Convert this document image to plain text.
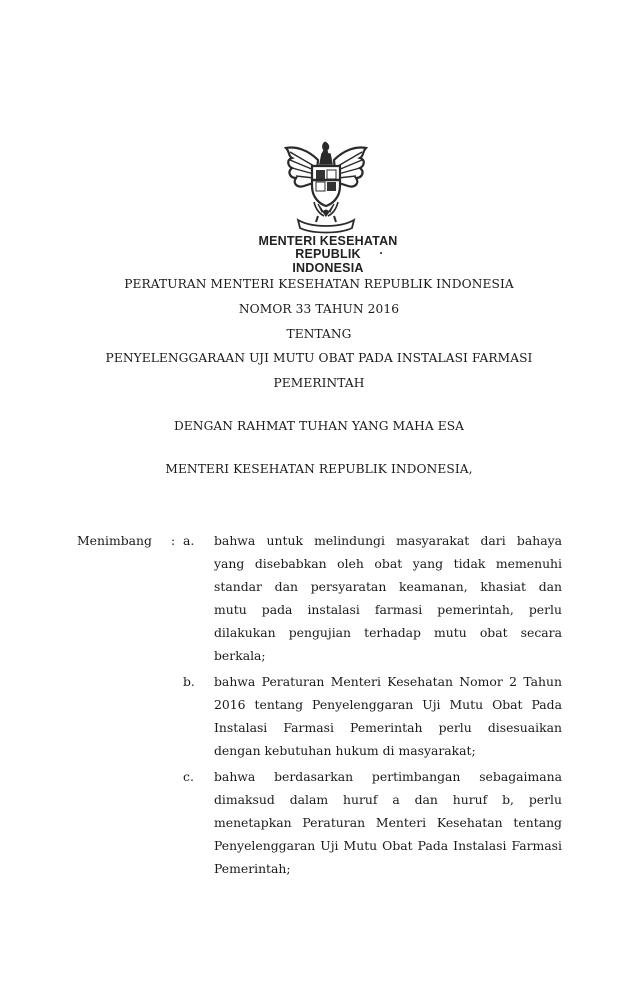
MENTERI KESEHATAN
REPUBLIK INDONESIA
PERATURAN MENTERI KESEHATAN REPUBLIK INDONESIA
NOMOR 33 TAHUN 2016
TENTANG
PENYELENGGARAAN UJI MUTU OBAT PADA INSTALASI FARMASI
PEMERINTAH
DENGAN RAHMAT TUHAN YANG MAHA ESA
MENTERI KESEHATAN REPUBLIK INDONESIA,
Menimbang : a. bahwa untuk melindungi masyarakat dari bahaya
yang disebabkan oleh obat yang tidak memenuhi
standar dan persyaratan keamanan, khasiat dan
mutu pada instalasi farmasi pemerintah, perlu
dilakukan pengujian terhadap mutu obat secara
berkala;
b. bahwa Peraturan Menteri Kesehatan Nomor 2 Tahun
2016 tentang Penyelenggaran Uji Mutu Obat Pada
Instalasi Farmasi Pemerintah perlu disesuaikan
dengan kebutuhan hukum di masyarakat;
c. bahwa berdasarkan pertimbangan sebagaimana
dimaksud dalam huruf a dan huruf b, perlu
menetapkan Peraturan Menteri Kesehatan tentang
Penyelenggaran Uji Mutu Obat Pada Instalasi Farmasi
Pemerintah;
